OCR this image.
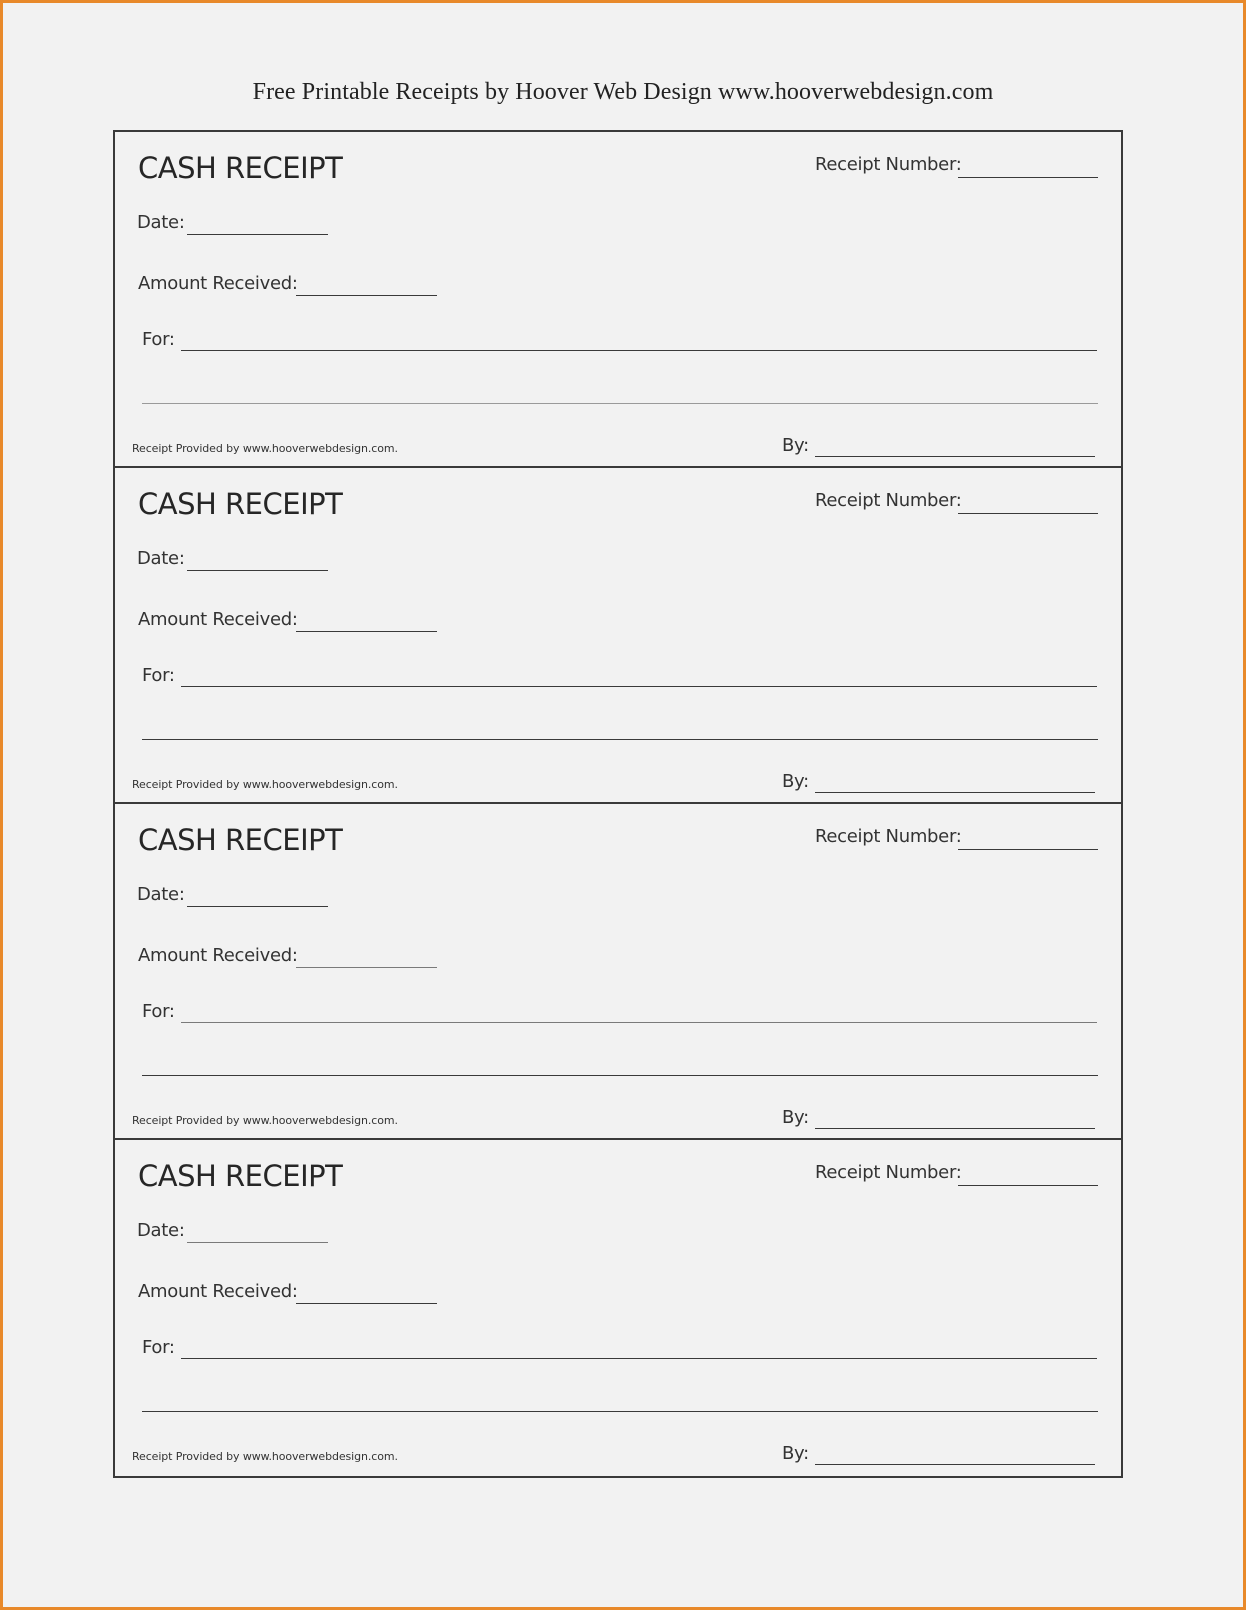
Free Printable Receipts by Hoover Web Design www.hooverwebdesign.com
CASH RECEIPT	Receipt Number:
Date:
Amount Received:
For:
Receipt Provided by www.hooverwebdesign.com.	By:
CASH RECEIPT	Receipt Number:
Date:
Amount Received:
For:
Receipt Provided by www.hooverwebdesign.com.	By:
CASH RECEIPT	Receipt Number:
Date:
Amount Received:
For:
Receipt Provided by www.hooverwebdesign.com.	By:
CASH RECEIPT	Receipt Number:
Date:
Amount Received:
For:
Receipt Provided by www.hooverwebdesign.com.	By:
